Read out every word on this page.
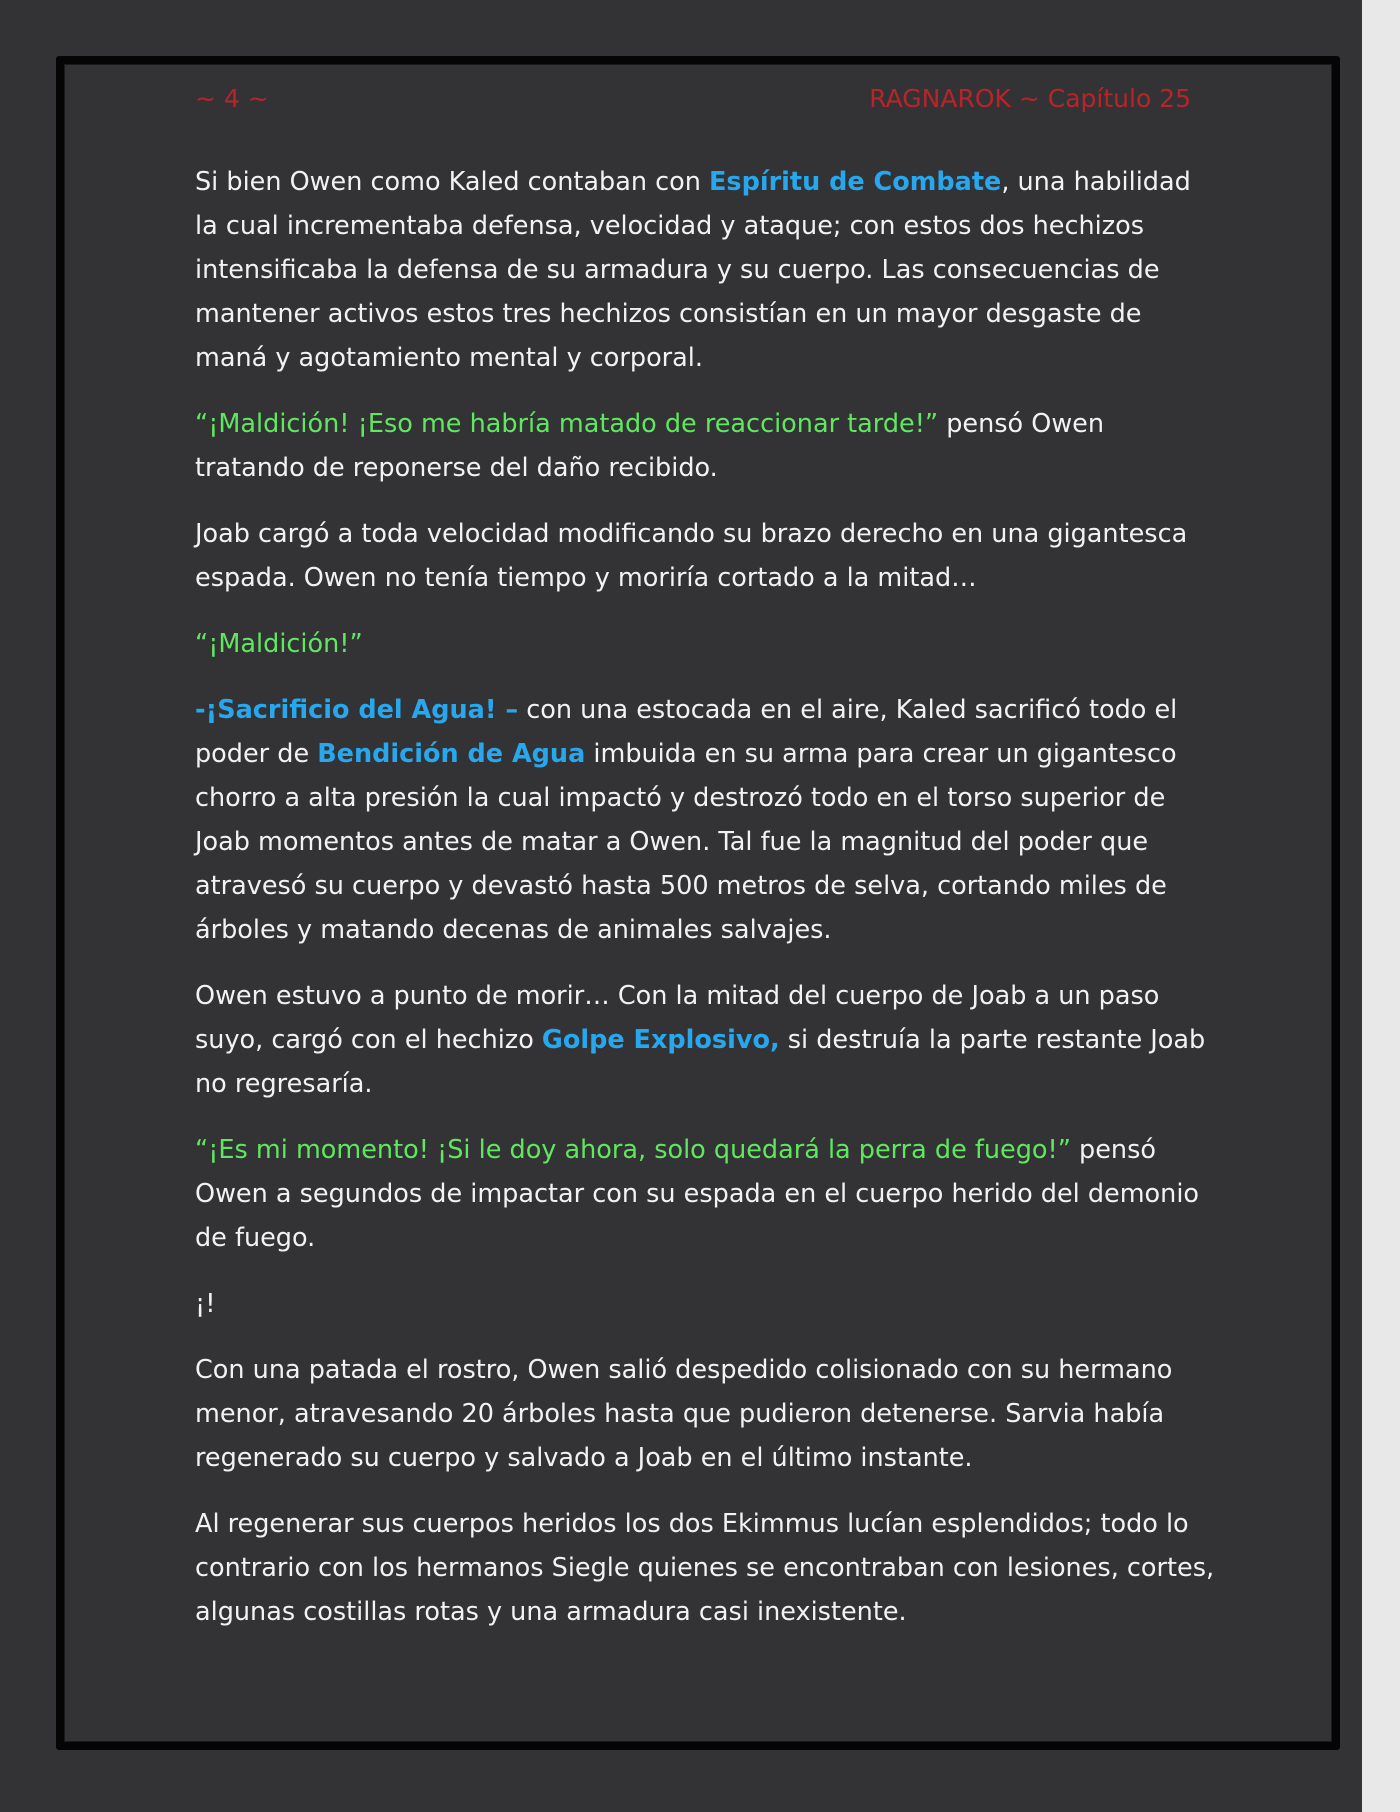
~ 4 ~	RAGNAROK ~ Capítulo 25

Si bien Owen como Kaled contaban con Espíritu de Combate, una habilidad la cual incrementaba defensa, velocidad y ataque; con estos dos hechizos intensificaba la defensa de su armadura y su cuerpo. Las consecuencias de mantener activos estos tres hechizos consistían en un mayor desgaste de maná y agotamiento mental y corporal.

“¡Maldición! ¡Eso me habría matado de reaccionar tarde!” pensó Owen tratando de reponerse del daño recibido.

Joab cargó a toda velocidad modificando su brazo derecho en una gigantesca espada. Owen no tenía tiempo y moriría cortado a la mitad…

“¡Maldición!”

-¡Sacrificio del Agua! – con una estocada en el aire, Kaled sacrificó todo el poder de Bendición de Agua imbuida en su arma para crear un gigantesco chorro a alta presión la cual impactó y destrozó todo en el torso superior de Joab momentos antes de matar a Owen. Tal fue la magnitud del poder que atravesó su cuerpo y devastó hasta 500 metros de selva, cortando miles de árboles y matando decenas de animales salvajes.

Owen estuvo a punto de morir… Con la mitad del cuerpo de Joab a un paso suyo, cargó con el hechizo Golpe Explosivo, si destruía la parte restante Joab no regresaría.

“¡Es mi momento! ¡Si le doy ahora, solo quedará la perra de fuego!” pensó Owen a segundos de impactar con su espada en el cuerpo herido del demonio de fuego.

¡!

Con una patada el rostro, Owen salió despedido colisionado con su hermano menor, atravesando 20 árboles hasta que pudieron detenerse. Sarvia había regenerado su cuerpo y salvado a Joab en el último instante.

Al regenerar sus cuerpos heridos los dos Ekimmus lucían esplendidos; todo lo contrario con los hermanos Siegle quienes se encontraban con lesiones, cortes, algunas costillas rotas y una armadura casi inexistente.
